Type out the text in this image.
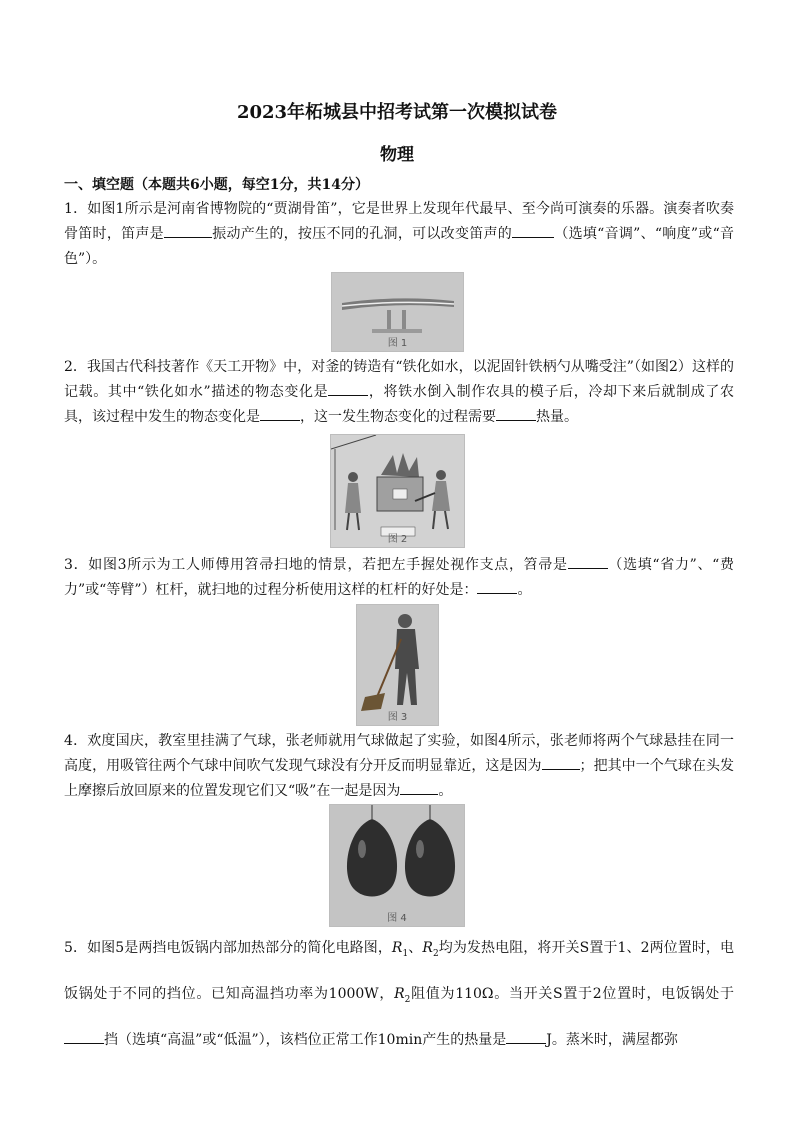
2023年柘城县中招考试第一次模拟试卷
物理
一、填空题（本题共6小题，每空1分，共14分）
1．如图1所示是河南省博物院的“贾湖骨笛”，它是世界上发现年代最早、至今尚可演奏的乐器。演奏者吹奏骨笛时，笛声是	振动产生的，按压不同的孔洞，可以改变笛声的	（选填“音调”、“响度”或“音色”）。
图 1
2．我国古代科技著作《天工开物》中，对釜的铸造有“铁化如水，以泥固针铁柄勺从嘴受注”（如图2）这样的记载。其中“铁化如水”描述的物态变化是	，将铁水倒入制作农具的模子后，冷却下来后就制成了农具，该过程中发生的物态变化是	，这一发生物态变化的过程需要	热量。
图 2
3．如图3所示为工人师傅用笤帚扫地的情景，若把左手握处视作支点，笤帚是	（选填“省力”、“费力”或“等臂”）杠杆，就扫地的过程分析使用这样的杠杆的好处是：	。
图 3
4．欢度国庆，教室里挂满了气球，张老师就用气球做起了实验，如图4所示，张老师将两个气球悬挂在同一高度，用吸管往两个气球中间吹气发现气球没有分开反而明显靠近，这是因为	；把其中一个气球在头发上摩擦后放回原来的位置发现它们又“吸”在一起是因为	。
图 4
5．如图5是两挡电饭锅内部加热部分的简化电路图，$R_1$、$R_2$均为发热电阻，将开关S置于1、2两位置时，电饭锅处于不同的挡位。已知高温挡功率为1000W，$R_2$阻值为110Ω。当开关S置于2位置时，电饭锅处于挡（选填“高温”或“低温”），该档位正常工作10min产生的热量是	J。蒸米时，满屋都弥
